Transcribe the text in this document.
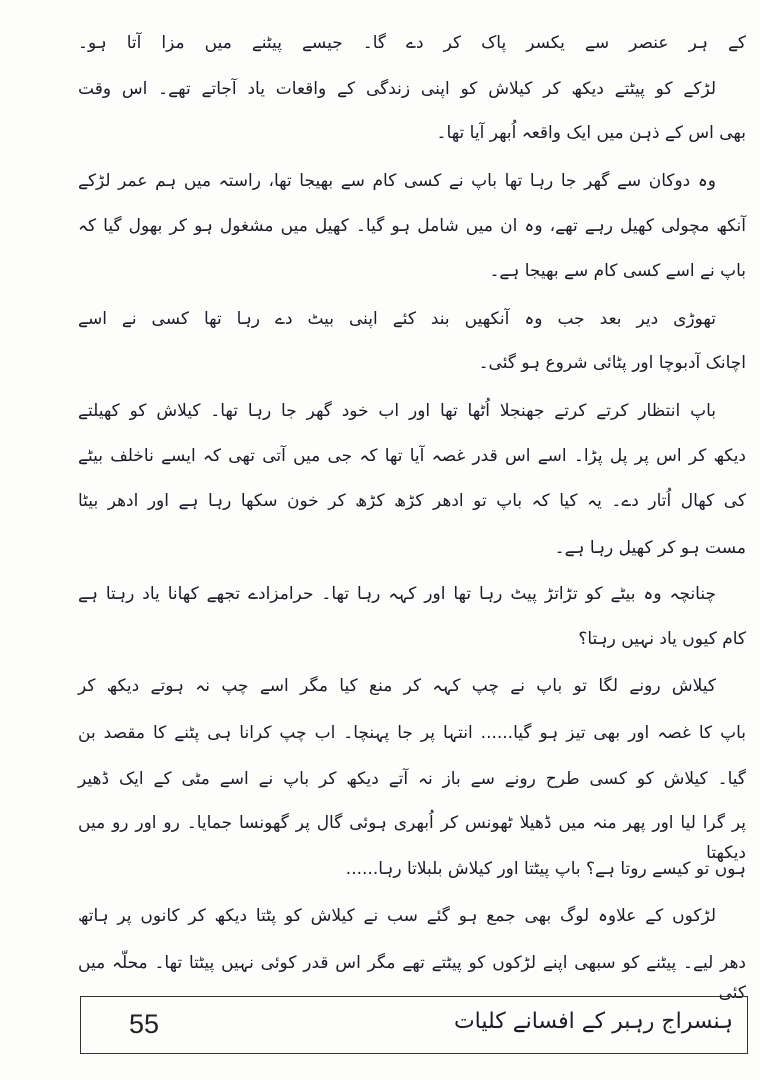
کے ہر عنصر سے یکسر پاک کر دے گا۔ جیسے پیٹنے میں مزا آتا ہو۔
لڑکے کو پیٹتے دیکھ کر کیلاش کو اپنی زندگی کے واقعات یاد آجاتے تھے۔ اس وقت
بھی اس کے ذہن میں ایک واقعہ اُبھر آیا تھا۔
وہ دوکان سے گھر جا رہا تھا باپ نے کسی کام سے بھیجا تھا، راستہ میں ہم عمر لڑکے
آنکھ مچولی کھیل رہے تھے، وہ ان میں شامل ہو گیا۔ کھیل میں مشغول ہو کر بھول گیا کہ
باپ نے اسے کسی کام سے بھیجا ہے۔
تھوڑی دیر بعد جب وہ آنکھیں بند کئے اپنی بیٹ دے رہا تھا کسی نے اسے
اچانک آدبوچا اور پٹائی شروع ہو گئی۔
باپ انتظار کرتے کرتے جھنجلا اُٹھا تھا اور اب خود گھر جا رہا تھا۔ کیلاش کو کھیلتے
دیکھ کر اس پر پل پڑا۔ اسے اس قدر غصہ آیا تھا کہ جی میں آتی تھی کہ ایسے ناخلف بیٹے
کی کھال اُتار دے۔ یہ کیا کہ باپ تو ادھر کڑھ کڑھ کر خون سکھا رہا ہے اور ادھر بیٹا
مست ہو کر کھیل رہا ہے۔
چنانچہ وہ بیٹے کو تڑاتڑ پیٹ رہا تھا اور کہہ رہا تھا۔ حرامزادے تجھے کھانا یاد رہتا ہے
کام کیوں یاد نہیں رہتا؟
کیلاش رونے لگا تو باپ نے چپ کہہ کر منع کیا مگر اسے چپ نہ ہوتے دیکھ کر
باپ کا غصہ اور بھی تیز ہو گیا...... انتہا پر جا پہنچا۔ اب چپ کرانا ہی پٹنے کا مقصد بن
گیا۔ کیلاش کو کسی طرح رونے سے باز نہ آتے دیکھ کر باپ نے اسے مٹی کے ایک ڈھیر
پر گرا لیا اور پھر منہ میں ڈھیلا ٹھونس کر اُبھری ہوئی گال پر گھونسا جمایا۔ رو اور رو میں دیکھتا
ہوں تو کیسے روتا ہے؟ باپ پیٹتا اور کیلاش بلبلاتا رہا......
لڑکوں کے علاوہ لوگ بھی جمع ہو گئے سب نے کیلاش کو پٹتا دیکھ کر کانوں پر ہاتھ
دھر لیے۔ پیٹنے کو سبھی اپنے لڑکوں کو پیٹتے تھے مگر اس قدر کوئی نہیں پیٹتا تھا۔ محلّہ میں کئی
55	ہنسراج رہبر کے افسانے کلیات
